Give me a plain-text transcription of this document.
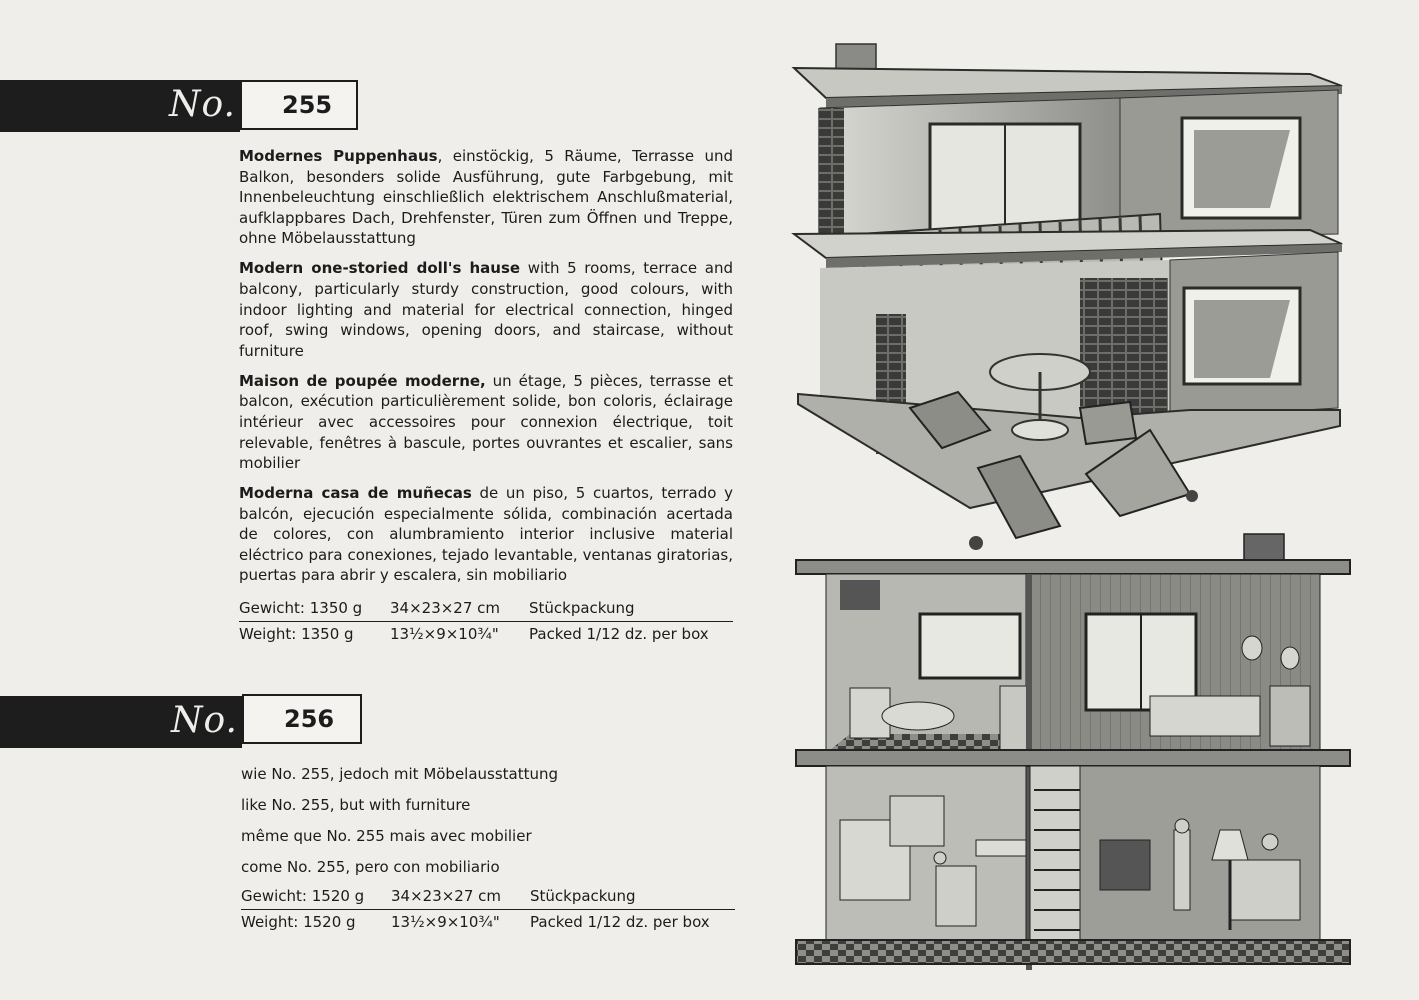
No.	255

Modernes Puppenhaus, einstöckig, 5 Räume, Terrasse und Balkon, besonders solide Ausführung, gute Farbgebung, mit Innenbeleuchtung einschließlich elektrischem Anschlußmaterial, aufklappbares Dach, Drehfenster, Türen zum Öffnen und Treppe, ohne Möbelausstattung

Modern one-storied doll's hause with 5 rooms, terrace and balcony, particularly sturdy construction, good colours, with indoor lighting and material for electrical connection, hinged roof, swing windows, opening doors, and staircase, without furniture

Maison de poupée moderne, un étage, 5 pièces, terrasse et balcon, exécution particulièrement solide, bon coloris, éclairage intérieur avec accessoires pour connexion électrique, toit relevable, fenêtres à bascule, portes ouvrantes et escalier, sans mobilier

Moderna casa de muñecas de un piso, 5 cuartos, terrado y balcón, ejecución especialmente sólida, combinación acertada de colores, con alumbramiento interior inclusive material eléctrico para conexiones, tejado levantable, ventanas giratorias, puertas para abrir y escalera, sin mobiliario

Gewicht: 1350 g 34×23×27 cm Stückpackung
Weight: 1350 g 13½×9×10¾" Packed 1/12 dz. per box
No.	256
wie No. 255, jedoch mit Möbelausstattung
like No. 255, but with furniture
même que No. 255 mais avec mobilier
come No. 255, pero con mobiliario
Gewicht: 1520 g 34×23×27 cm Stückpackung
Weight: 1520 g 13½×9×10¾" Packed 1/12 dz. per box
